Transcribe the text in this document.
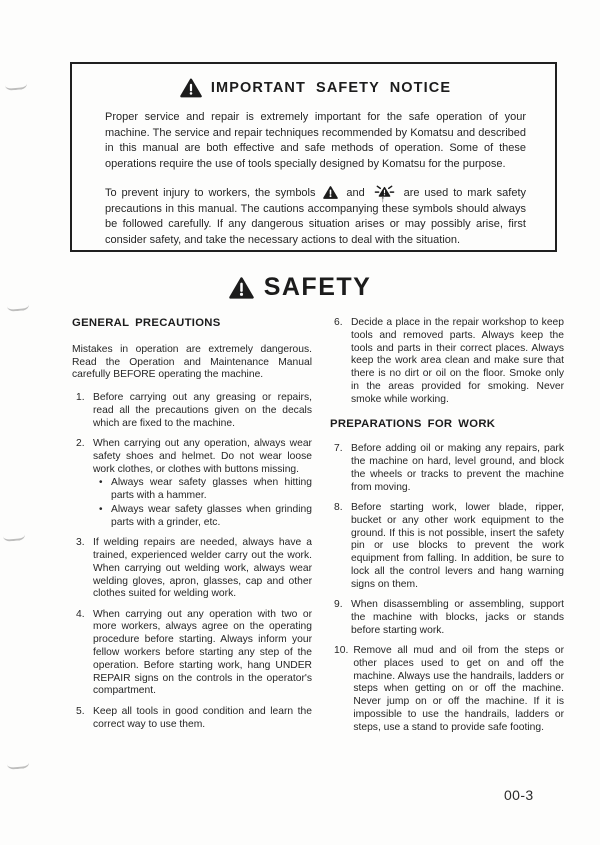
IMPORTANT SAFETY NOTICE

Proper service and repair is extremely important for the safe operation of your machine. The service and repair techniques recommended by Komatsu and described in this manual are both effective and safe methods of operation. Some of these operations require the use of tools specially designed by Komatsu for the purpose.

To prevent injury to workers, the symbols	and ↑ are used to mark safety precautions in this manual. The cautions accompanying these symbols should always be followed carefully. If any dangerous situation arises or may possibly arise, first consider safety, and take the necessary actions to deal with the situation.

SAFETY
GENERAL PRECAUTIONS

Mistakes in operation are extremely dangerous. Read the Operation and Maintenance Manual carefully BEFORE operating the machine.

1. Before carrying out any greasing or repairs, read all the precautions given on the decals which are fixed to the machine.
2. When carrying out any operation, always wear safety shoes and helmet. Do not wear loose work clothes, or clothes with buttons missing.
•
Always wear safety glasses when hitting parts with a hammer.
•
Always wear safety glasses when grinding parts with a grinder, etc.
3. If welding repairs are needed, always have a trained, experienced welder carry out the work. When carrying out welding work, always wear welding gloves, apron, glasses, cap and other clothes suited for welding work.
4. When carrying out any operation with two or more workers, always agree on the operating procedure before starting. Always inform your fellow workers before starting any step of the operation. Before starting work, hang UNDER REPAIR signs on the controls in the operator's compartment.
5. Keep all tools in good condition and learn the correct way to use them.
6. Decide a place in the repair workshop to keep tools and removed parts. Always keep the tools and parts in their correct places. Always keep the work area clean and make sure that there is no dirt or oil on the floor. Smoke only in the areas provided for smoking. Never smoke while working.
PREPARATIONS FOR WORK
7. Before adding oil or making any repairs, park the machine on hard, level ground, and block the wheels or tracks to prevent the machine from moving.
8. Before starting work, lower blade, ripper, bucket or any other work equipment to the ground. If this is not possible, insert the safety pin or use blocks to prevent the work equipment from falling. In addition, be sure to lock all the control levers and hang warning signs on them.
9. When disassembling or assembling, support the machine with blocks, jacks or stands before starting work.
10. Remove all mud and oil from the steps or other places used to get on and off the machine. Always use the handrails, ladders or steps when getting on or off the machine. Never jump on or off the machine. If it is impossible to use the handrails, ladders or steps, use a stand to provide safe footing.
00-3
